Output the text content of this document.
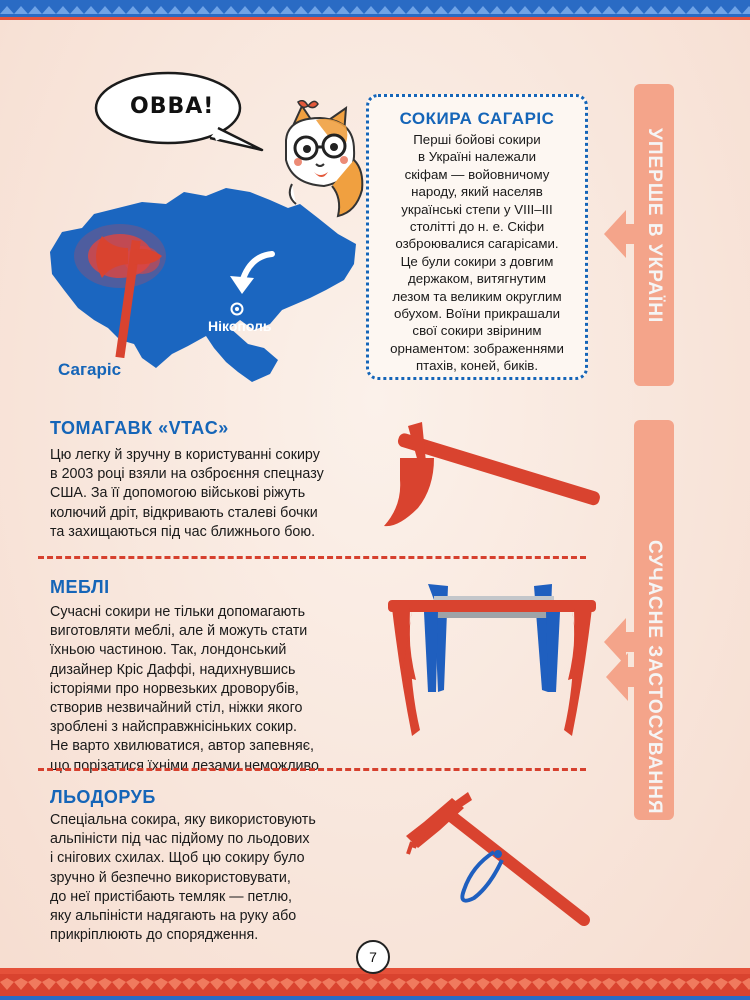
ОВВА!	СОКИРА САГАРІС
Перші бойові сокири
в Україні належали
скіфам — войовничому
народу, який населяв
українські степи у VIII–III
столітті до н. е. Скіфи
озброювалися сагарісами.
Це були сокири з довгим
держаком, витягнутим
лезом та великим округлим
обухом. Воїни прикрашали
свої сокири звіриним
орнаментом: зображеннями
птахів, коней, биків.
Сагаріс
Нікополь
ТОМАГАВК «VTAC»
Цю легку й зручну в користуванні сокиру
в 2003 році взяли на озброєння спецназу
США. За її допомогою військові ріжуть
колючий дріт, відкривають сталеві бочки
та захищаються під час ближнього бою.
МЕБЛІ
Сучасні сокири не тільки допомагають
виготовляти меблі, але й можуть стати
їхньою частиною. Так, лондонський
дизайнер Кріс Даффі, надихнувшись
історіями про норвезьких дроворубів,
створив незвичайний стіл, ніжки якого
зроблені з найсправжнісіньких сокир.
Не варто хвилюватися, автор запевняє,
що порізатися їхніми лезами неможливо.
ЛЬОДОРУБ
Спеціальна сокира, яку використовують
альпіністи під час підйому по льодових
і снігових схилах. Щоб цю сокиру було
зручно й безпечно використовувати,
до неї пристібають темляк — петлю,
яку альпіністи надягають на руку або
прикріплюють до спорядження.
УПЕРШЕ В УКРАЇНІ
СУЧАСНЕ ЗАСТОСУВАННЯ
7
